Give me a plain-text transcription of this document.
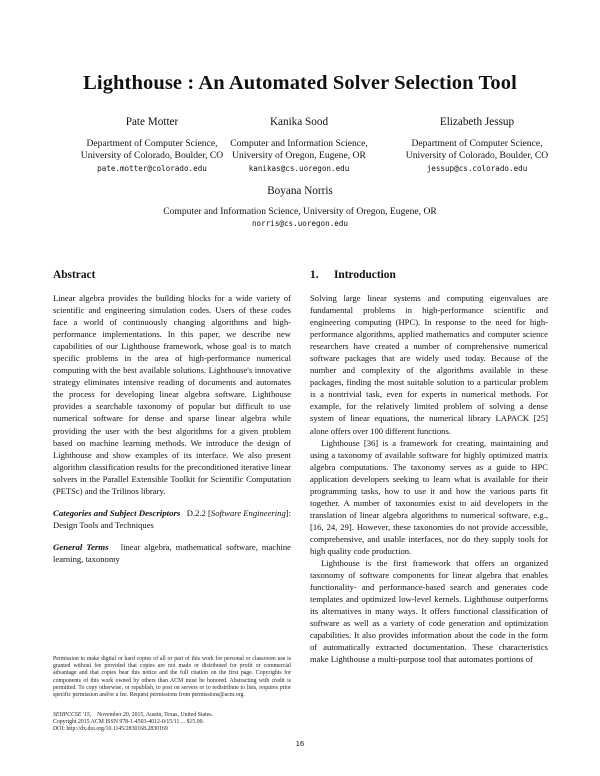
Lighthouse : An Automated Solver Selection Tool
Pate Motter
Department of Computer Science,
University of Colorado, Boulder, CO
pate.motter@colorado.edu
Kanika Sood
Computer and Information Science,
University of Oregon, Eugene, OR
kanikas@cs.uoregon.edu
Elizabeth Jessup
Department of Computer Science,
University of Colorado, Boulder, CO
jessup@cs.colorado.edu
Boyana Norris
Computer and Information Science, University of Oregon, Eugene, OR
norris@cs.uoregon.edu
Abstract

Linear algebra provides the building blocks for a wide variety of scientific and engineering simulation codes. Users of these codes face a world of continuously changing algorithms and high-performance implementations. In this paper, we describe new capabilities of our Lighthouse framework, whose goal is to match specific problems in the area of high-performance numerical computing with the best available solutions. Lighthouse's innovative strategy eliminates intensive reading of documents and automates the process for developing linear algebra software. Lighthouse provides a searchable taxonomy of popular but difficult to use numerical software for dense and sparse linear algebra while providing the user with the best algorithms for a given problem based on machine learning methods. We introduce the design of Lighthouse and show examples of its interface. We also present algorithm classification results for the preconditioned iterative linear solvers in the Parallel Extensible Toolkit for Scientific Computation (PETSc) and the Trilinos library.

Categories and Subject Descriptors D.2.2 [Software Engineering]: Design Tools and Techniques

General Terms linear algebra, mathematical software, machine learning, taxonomy

Permission to make digital or hard copies of all or part of this work for personal or classroom use is granted without fee provided that copies are not made or distributed for profit or commercial advantage and that copies bear this notice and the full citation on the first page. Copyrights for components of this work owned by others than ACM must be honored. Abstracting with credit is permitted. To copy otherwise, or republish, to post on servers or to redistribute to lists, requires prior specific permission and/or a fee. Request permissions from permissions@acm.org.
SEHPCCSE '15, November 20, 2015, Austin, Texas, United States.
Copyright 2015 ACM ISSN 978-1-4503-4012-0/15/11 ... $15.00.
DOI: http://dx.doi.org/10.1145/2830168.2830169
1. Introduction

Solving large linear systems and computing eigenvalues are fundamental problems in high-performance scientific and engineering computing (HPC). In response to the need for high-performance algorithms, applied mathematics and computer science researchers have created a number of comprehensive numerical software packages that are widely used today. Because of the number and complexity of the algorithms available in these packages, finding the most suitable solution to a particular problem is a nontrivial task, even for experts in numerical methods. For example, for the relatively limited problem of solving a dense system of linear equations, the numerical library LAPACK [25] alone offers over 100 different functions.

Lighthouse [36] is a framework for creating, maintaining and using a taxonomy of available software for highly optimized matrix algebra computations. The taxonomy serves as a guide to HPC application developers seeking to learn what is available for their programming tasks, how to use it and how the various parts fit together. A number of taxonomies exist to aid developers in the translation of linear algebra algorithms to numerical software, e.g., [16, 24, 29]. However, these taxonomies do not provide accessible, comprehensive, and usable interfaces, nor do they supply tools for high quality code production.

Lighthouse is the first framework that offers an organized taxonomy of software components for linear algebra that enables functionality- and performance-based search and generates code templates and optimized low-level kernels. Lighthouse outperforms its alternatives in many ways. It offers functional classification of software as well as a variety of code generation and optimization capabilities. It also provides information about the code in the form of automatically extracted documentation. These characteristics make Lighthouse a multi-purpose tool that automates portions of

16
